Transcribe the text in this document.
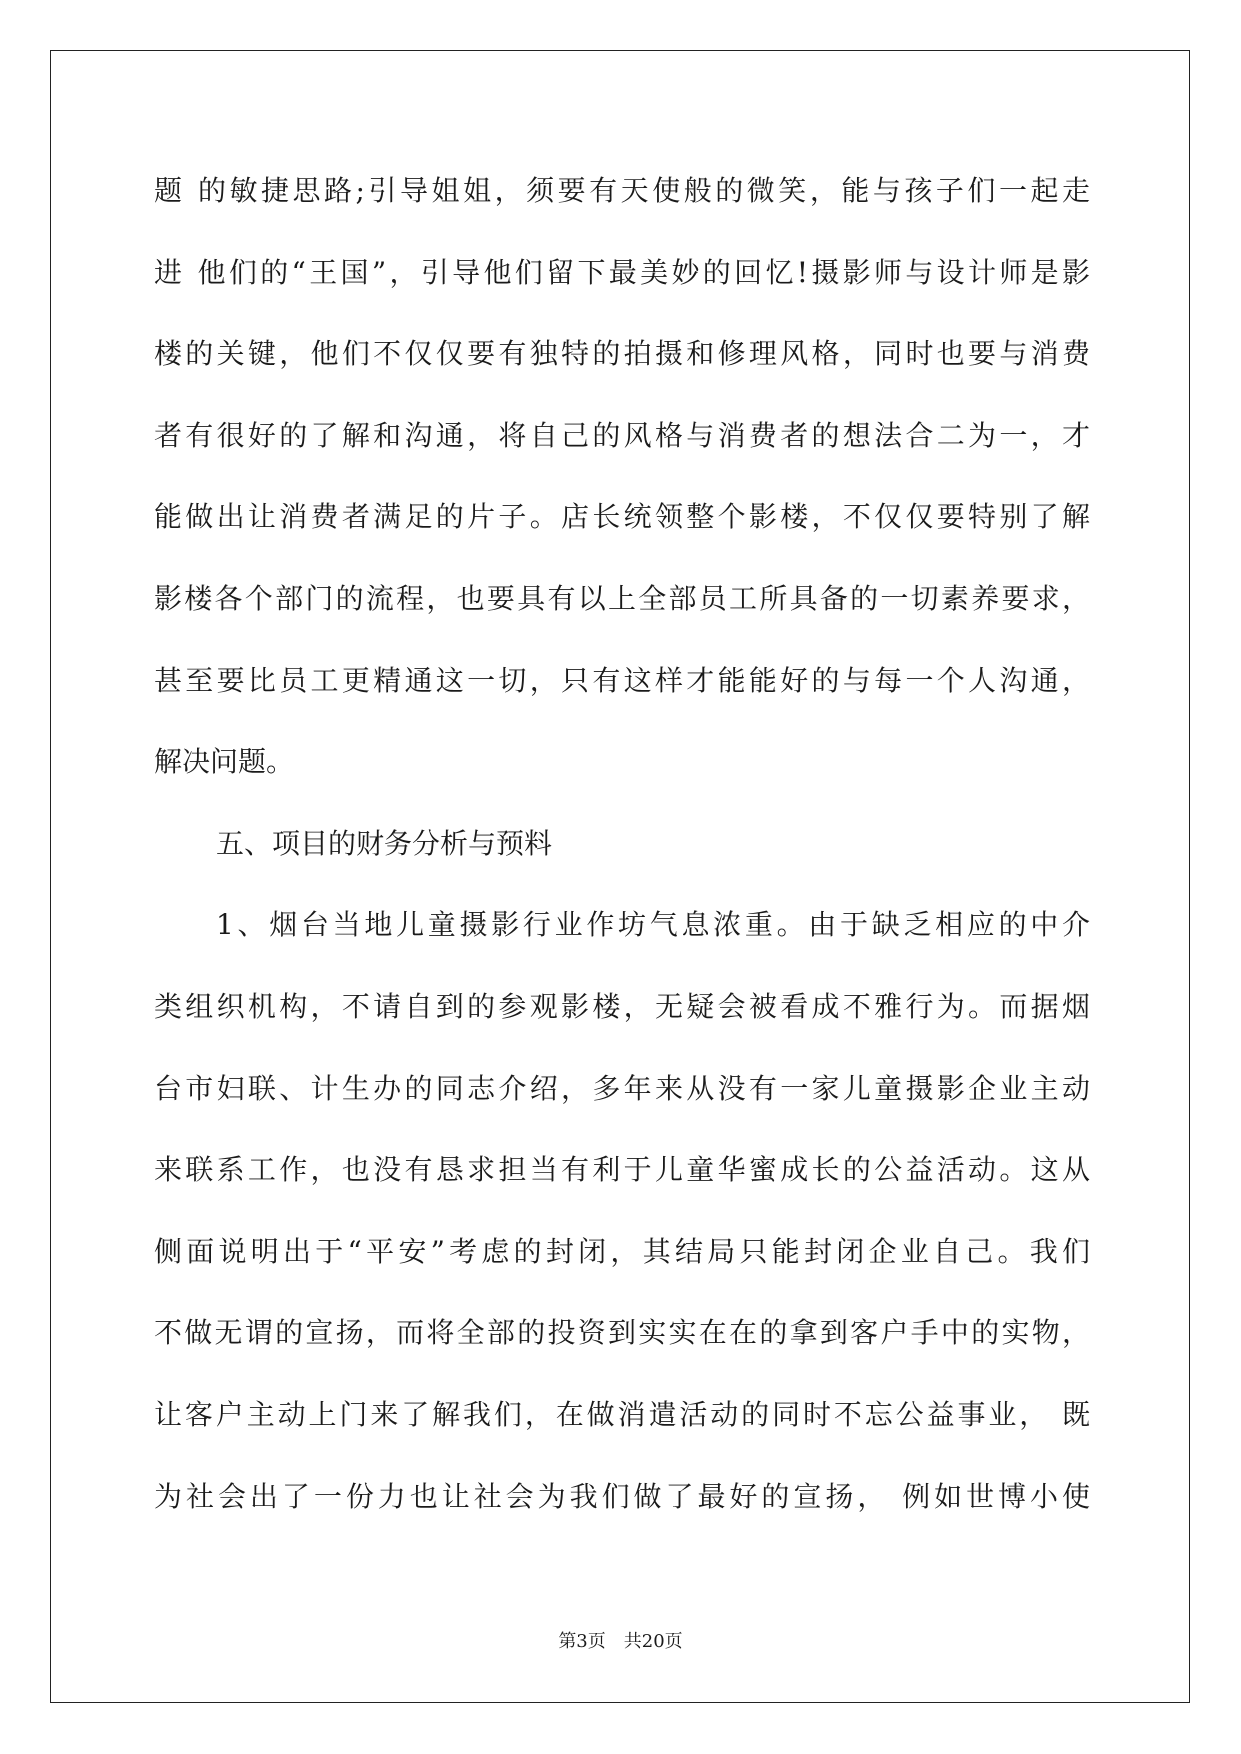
题 的敏捷思路;引导姐姐，须要有天使般的微笑，能与孩子们一起走
进 他们的“王国”，引导他们留下最美妙的回忆!摄影师与设计师是影
楼的关键，他们不仅仅要有独特的拍摄和修理风格，同时也要与消费
者有很好的了解和沟通，将自己的风格与消费者的想法合二为一，才
能做出让消费者满足的片子。店长统领整个影楼，不仅仅要特别了解
影楼各个部门的流程，也要具有以上全部员工所具备的一切素养要求，
甚至要比员工更精通这一切，只有这样才能能好的与每一个人沟通，
解决问题。
五、项目的财务分析与预料
1、烟台当地儿童摄影行业作坊气息浓重。由于缺乏相应的中介
类组织机构，不请自到的参观影楼，无疑会被看成不雅行为。而据烟
台市妇联、计生办的同志介绍，多年来从没有一家儿童摄影企业主动
来联系工作，也没有恳求担当有利于儿童华蜜成长的公益活动。这从
侧面说明出于“平安”考虑的封闭，其结局只能封闭企业自己。我们
不做无谓的宣扬，而将全部的投资到实实在在的拿到客户手中的实物，
让客户主动上门来了解我们，在做消遣活动的同时不忘公益事业， 既
为社会出了一份力也让社会为我们做了最好的宣扬， 例如世博小使
第3页 共20页
